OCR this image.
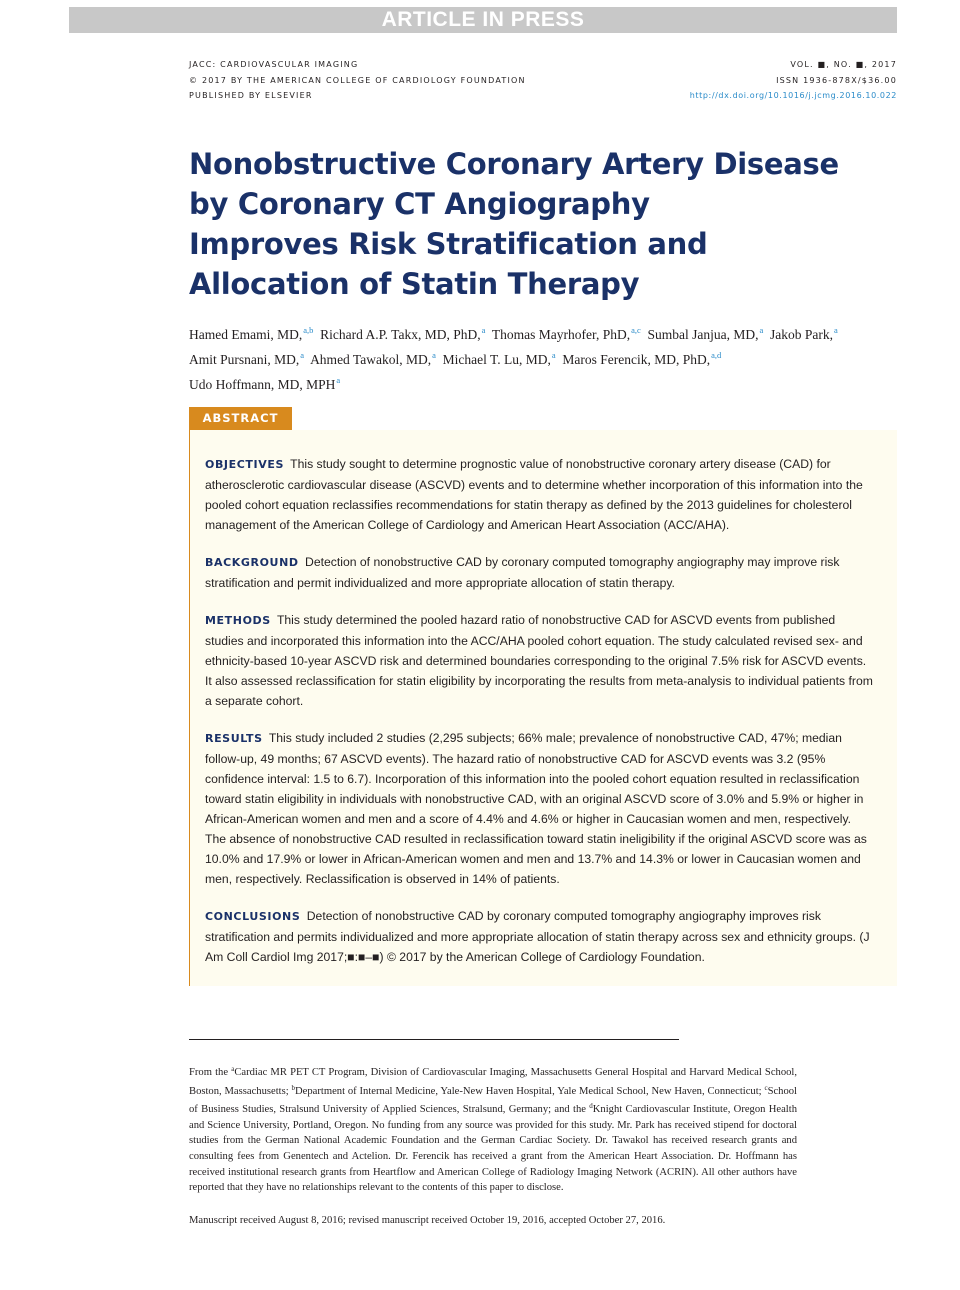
ARTICLE IN PRESS
JACC: CARDIOVASCULAR IMAGING
© 2017 BY THE AMERICAN COLLEGE OF CARDIOLOGY FOUNDATION
PUBLISHED BY ELSEVIER
VOL. ■, NO. ■, 2017
ISSN 1936-878X/$36.00
http://dx.doi.org/10.1016/j.jcmg.2016.10.022
Nonobstructive Coronary Artery Disease
by Coronary CT Angiography
Improves Risk Stratification and
Allocation of Statin Therapy
Hamed Emami, MD,$^{a,b}$ Richard A.P. Takx, MD, PhD,$^a$ Thomas Mayrhofer, PhD,$^{a,c}$ Sumbal Janjua, MD,$^a$ Jakob Park,$^a$
Amit Pursnani, MD,$^a$ Ahmed Tawakol, MD,$^a$ Michael T. Lu, MD,$^a$ Maros Ferencik, MD, PhD,$^{a,d}$
Udo Hoffmann, MD, MPH$^a$
ABSTRACT

OBJECTIVES This study sought to determine prognostic value of nonobstructive coronary artery disease (CAD) for atherosclerotic cardiovascular disease (ASCVD) events and to determine whether incorporation of this information into the pooled cohort equation reclassifies recommendations for statin therapy as defined by the 2013 guidelines for cholesterol management of the American College of Cardiology and American Heart Association (ACC/AHA).

BACKGROUND Detection of nonobstructive CAD by coronary computed tomography angiography may improve risk stratification and permit individualized and more appropriate allocation of statin therapy.

METHODS This study determined the pooled hazard ratio of nonobstructive CAD for ASCVD events from published studies and incorporated this information into the ACC/AHA pooled cohort equation. The study calculated revised sex- and ethnicity-based 10-year ASCVD risk and determined boundaries corresponding to the original 7.5% risk for ASCVD events. It also assessed reclassification for statin eligibility by incorporating the results from meta-analysis to individual patients from a separate cohort.

RESULTS This study included 2 studies (2,295 subjects; 66% male; prevalence of nonobstructive CAD, 47%; median follow-up, 49 months; 67 ASCVD events). The hazard ratio of nonobstructive CAD for ASCVD events was 3.2 (95% confidence interval: 1.5 to 6.7). Incorporation of this information into the pooled cohort equation resulted in reclassification toward statin eligibility in individuals with nonobstructive CAD, with an original ASCVD score of 3.0% and 5.9% or higher in African-American women and men and a score of 4.4% and 4.6% or higher in Caucasian women and men, respectively. The absence of nonobstructive CAD resulted in reclassification toward statin ineligibility if the original ASCVD score was as 10.0% and 17.9% or lower in African-American women and men and 13.7% and 14.3% or lower in Caucasian women and men, respectively. Reclassification is observed in 14% of patients.

CONCLUSIONS Detection of nonobstructive CAD by coronary computed tomography angiography improves risk stratification and permits individualized and more appropriate allocation of statin therapy across sex and ethnicity groups. (J Am Coll Cardiol Img 2017;■:■–■) © 2017 by the American College of Cardiology Foundation.

From the $^a$Cardiac MR PET CT Program, Division of Cardiovascular Imaging, Massachusetts General Hospital and Harvard Medical School, Boston, Massachusetts; $^b$Department of Internal Medicine, Yale-New Haven Hospital, Yale Medical School, New Haven, Connecticut; $^c$School of Business Studies, Stralsund University of Applied Sciences, Stralsund, Germany; and the $^d$Knight Cardiovascular Institute, Oregon Health and Science University, Portland, Oregon. No funding from any source was provided for this study. Mr. Park has received stipend for doctoral studies from the German National Academic Foundation and the German Cardiac Society. Dr. Tawakol has received research grants and consulting fees from Genentech and Actelion. Dr. Ferencik has received a grant from the American Heart Association. Dr. Hoffmann has received institutional research grants from Heartflow and American College of Radiology Imaging Network (ACRIN). All other authors have reported that they have no relationships relevant to the contents of this paper to disclose.

Manuscript received August 8, 2016; revised manuscript received October 19, 2016, accepted October 27, 2016.
